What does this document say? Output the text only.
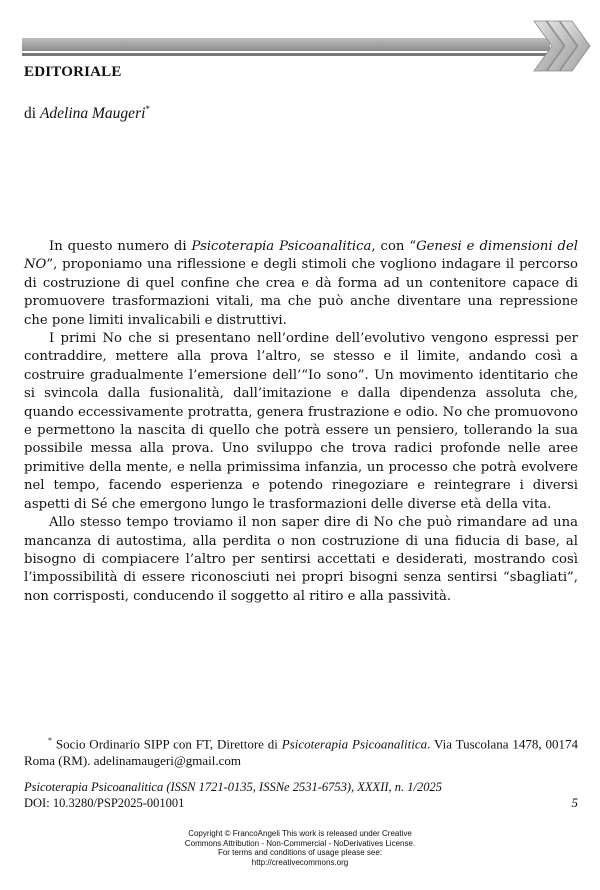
EDITORIALE
di Adelina Maugeri*

In questo numero di Psicoterapia Psicoanalitica, con “Genesi e dimensioni del NO”, proponiamo una riflessione e degli stimoli che vogliono indagare il percorso di costruzione di quel confine che crea e dà forma ad un contenitore capace di promuovere trasformazioni vitali, ma che può anche diventare una repressione che pone limiti invalicabili e distruttivi.

I primi No che si presentano nell’ordine dell’evolutivo vengono espressi per contraddire, mettere alla prova l’altro, se stesso e il limite, andando così a costruire gradualmente l’emersione dell’“Io sono”. Un movimento identitario che si svincola dalla fusionalità, dall’imitazione e dalla dipendenza assoluta che, quando eccessivamente protratta, genera frustrazione e odio. No che promuovono e permettono la nascita di quello che potrà essere un pensiero, tollerando la sua possibile messa alla prova. Uno sviluppo che trova radici profonde nelle aree primitive della mente, e nella primissima infanzia, un processo che potrà evolvere nel tempo, facendo esperienza e potendo rinegoziare e reintegrare i diversi aspetti di Sé che emergono lungo le trasformazioni delle diverse età della vita.

Allo stesso tempo troviamo il non saper dire di No che può rimandare ad una mancanza di autostima, alla perdita o non costruzione di una fiducia di base, al bisogno di compiacere l’altro per sentirsi accettati e desiderati, mostrando così l’impossibilità di essere riconosciuti nei propri bisogni senza sentirsi “sbagliati”, non corrisposti, conducendo il soggetto al ritiro e alla passività.

* Socio Ordinario SIPP con FT, Direttore di Psicoterapia Psicoanalitica. Via Tuscolana 1478, 00174 Roma (RM). adelinamaugeri@gmail.com

Psicoterapia Psicoanalitica (ISSN 1721-0135, ISSNe 2531-6753), XXXII, n. 1/2025
DOI: 10.3280/PSP2025-001001	5
Copyright © FrancoAngeli This work is released under Creative
Commons Attribution - Non-Commercial - NoDerivatives License.
For terms and conditions of usage please see:
http://creativecommons.org
